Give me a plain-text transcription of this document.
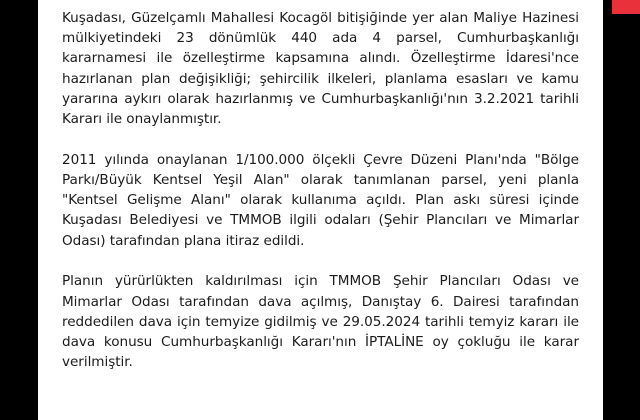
Kuşadası, Güzelçamlı Mahallesi Kocagöl bitişiğinde yer alan Maliye Hazinesi mülkiyetindeki 23 dönümlük 440 ada 4 parsel, Cumhurbaşkanlığı kararnamesi ile özelleştirme kapsamına alındı. Özelleştirme İdaresi'nce hazırlanan plan değişikliği; şehircilik ilkeleri, planlama esasları ve kamu yararına aykırı olarak hazırlanmış ve Cumhurbaşkanlığı'nın 3.2.2021 tarihli Kararı ile onaylanmıştır.

2011 yılında onaylanan 1/100.000 ölçekli Çevre Düzeni Planı'nda "Bölge Parkı/Büyük Kentsel Yeşil Alan" olarak tanımlanan parsel, yeni planla "Kentsel Gelişme Alanı" olarak kullanıma açıldı. Plan askı süresi içinde Kuşadası Belediyesi ve TMMOB ilgili odaları (Şehir Plancıları ve Mimarlar Odası) tarafından plana itiraz edildi.

Planın yürürlükten kaldırılması için TMMOB Şehir Plancıları Odası ve Mimarlar Odası tarafından dava açılmış, Danıştay 6. Dairesi tarafından reddedilen dava için temyize gidilmiş ve 29.05.2024 tarihli temyiz kararı ile dava konusu Cumhurbaşkanlığı Kararı'nın İPTALİNE oy çokluğu ile karar verilmiştir.
